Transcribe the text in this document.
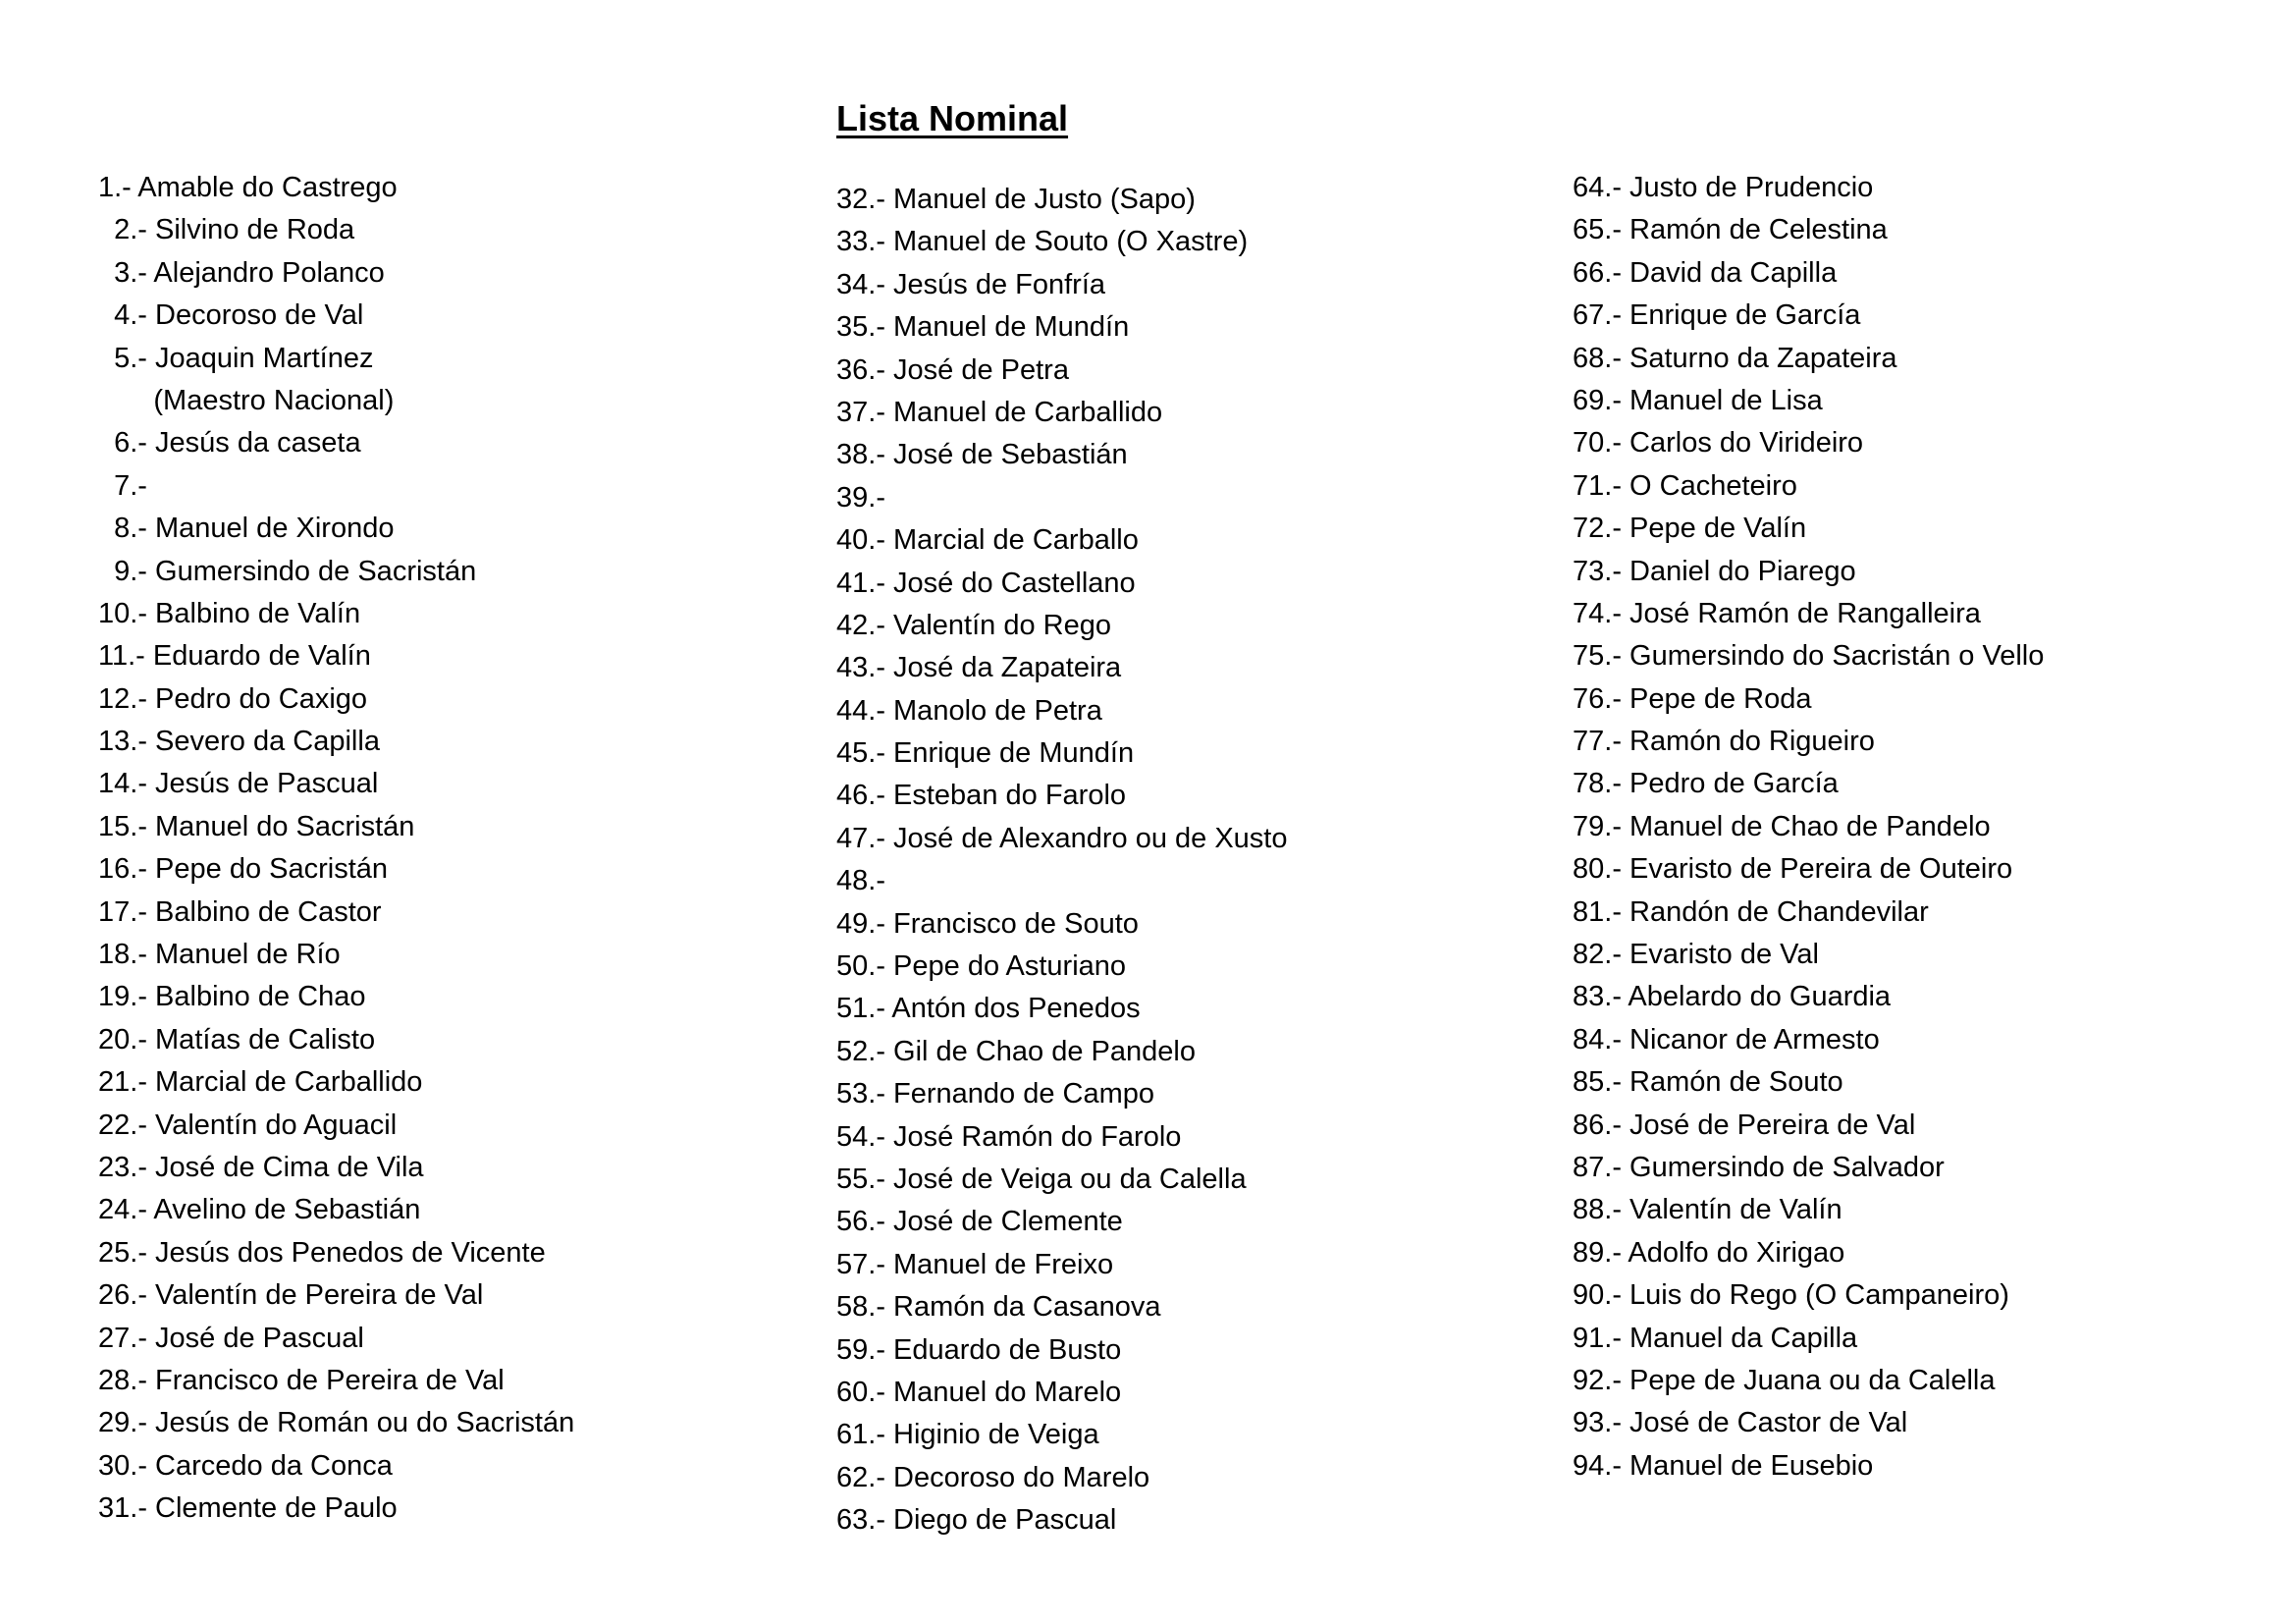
Lista Nominal
1.- Amable do Castrego
2.- Silvino de Roda
3.- Alejandro Polanco
4.- Decoroso de Val
5.- Joaquin Martínez
(Maestro Nacional)
6.- Jesús da caseta
7.-
8.- Manuel de Xirondo
9.- Gumersindo de Sacristán
10.- Balbino de Valín
11.- Eduardo de Valín
12.- Pedro do Caxigo
13.- Severo da Capilla
14.- Jesús de Pascual
15.- Manuel do Sacristán
16.- Pepe do Sacristán
17.- Balbino de Castor
18.- Manuel de Río
19.- Balbino de Chao
20.- Matías de Calisto
21.- Marcial de Carballido
22.- Valentín do Aguacil
23.- José de Cima de Vila
24.- Avelino de Sebastián
25.- Jesús dos Penedos de Vicente
26.- Valentín de Pereira de Val
27.- José de Pascual
28.- Francisco de Pereira de Val
29.- Jesús de Román ou do Sacristán
30.- Carcedo da Conca
31.- Clemente de Paulo
32.- Manuel de Justo (Sapo)
33.- Manuel de Souto (O Xastre)
34.- Jesús de Fonfría
35.- Manuel de Mundín
36.- José de Petra
37.- Manuel de Carballido
38.- José de Sebastián
39.-
40.- Marcial de Carballo
41.- José do Castellano
42.- Valentín do Rego
43.- José da Zapateira
44.- Manolo de Petra
45.- Enrique de Mundín
46.- Esteban do Farolo
47.- José de Alexandro ou de Xusto
48.-
49.- Francisco de Souto
50.- Pepe do Asturiano
51.- Antón dos Penedos
52.- Gil de Chao de Pandelo
53.- Fernando de Campo
54.- José Ramón do Farolo
55.- José de Veiga ou da Calella
56.- José de Clemente
57.- Manuel de Freixo
58.- Ramón da Casanova
59.- Eduardo de Busto
60.- Manuel do Marelo
61.- Higinio de Veiga
62.- Decoroso do Marelo
63.- Diego de Pascual
64.- Justo de Prudencio
65.- Ramón de Celestina
66.- David da Capilla
67.- Enrique de García
68.- Saturno da Zapateira
69.- Manuel de Lisa
70.- Carlos do Virideiro
71.- O Cacheteiro
72.- Pepe de Valín
73.- Daniel do Piarego
74.- José Ramón de Rangalleira
75.- Gumersindo do Sacristán o Vello
76.- Pepe de Roda
77.- Ramón do Rigueiro
78.- Pedro de García
79.- Manuel de Chao de Pandelo
80.- Evaristo de Pereira de Outeiro
81.- Randón de Chandevilar
82.- Evaristo de Val
83.- Abelardo do Guardia
84.- Nicanor de Armesto
85.- Ramón de Souto
86.- José de Pereira de Val
87.- Gumersindo de Salvador
88.- Valentín de Valín
89.- Adolfo do Xirigao
90.- Luis do Rego (O Campaneiro)
91.- Manuel da Capilla
92.- Pepe de Juana ou da Calella
93.- José de Castor de Val
94.- Manuel de Eusebio
